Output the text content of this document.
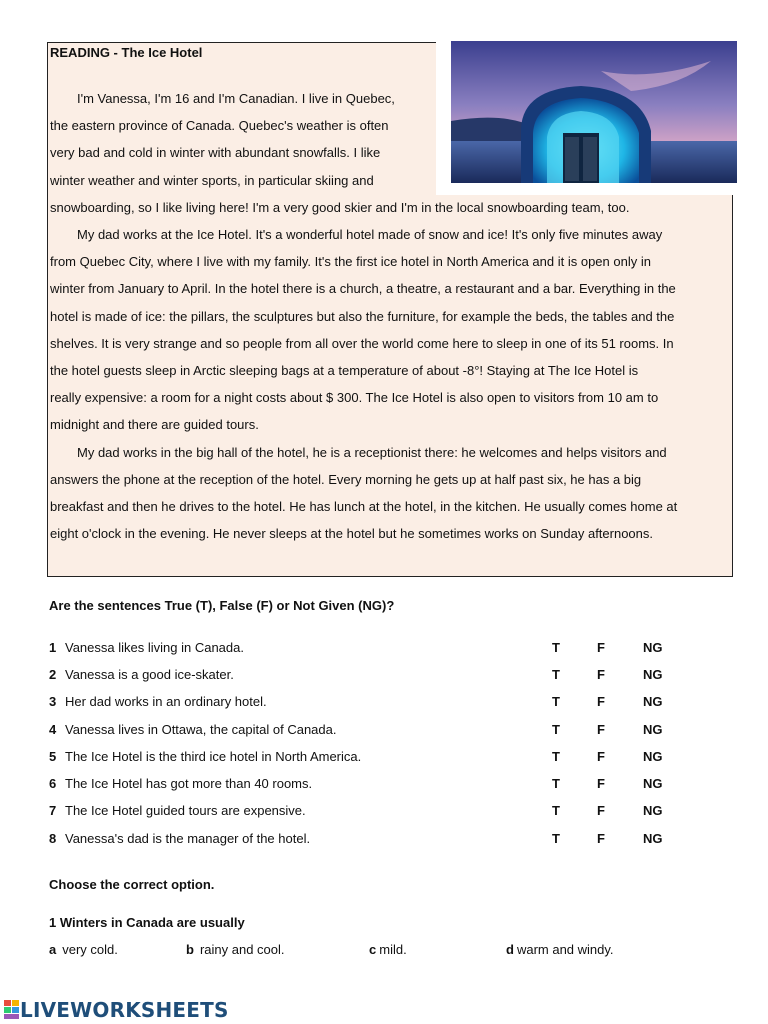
READING - The Ice Hotel
I'm Vanessa, I'm 16 and I'm Canadian. I live in Quebec,
the eastern province of Canada. Quebec's weather is often
very bad and cold in winter with abundant snowfalls. I like
winter weather and winter sports, in particular skiing and
snowboarding, so I like living here! I'm a very good skier and I'm in the local snowboarding team, too.
My dad works at the Ice Hotel. It's a wonderful hotel made of snow and ice! It's only five minutes away
from Quebec City, where I live with my family. It's the first ice hotel in North America and it is open only in
winter from January to April. In the hotel there is a church, a theatre, a restaurant and a bar. Everything in the
hotel is made of ice: the pillars, the sculptures but also the furniture, for example the beds, the tables and the
shelves. It is very strange and so people from all over the world come here to sleep in one of its 51 rooms. In
the hotel guests sleep in Arctic sleeping bags at a temperature of about -8°! Staying at The Ice Hotel is
really expensive: a room for a night costs about $ 300. The Ice Hotel is also open to visitors from 10 am to
midnight and there are guided tours.
My dad works in the big hall of the hotel, he is a receptionist there: he welcomes and helps visitors and
answers the phone at the reception of the hotel. Every morning he gets up at half past six, he has a big
breakfast and then he drives to the hotel. He has lunch at the hotel, in the kitchen. He usually comes home at
eight o'clock in the evening. He never sleeps at the hotel but he sometimes works on Sunday afternoons.
Are the sentences True (T), False (F) or Not Given (NG)?
1 Vanessa likes living in Canada.	T	F	NG
2 Vanessa is a good ice-skater.	T	F	NG
3 Her dad works in an ordinary hotel.	T	F	NG
4 Vanessa lives in Ottawa, the capital of Canada.	T	F	NG
5 The Ice Hotel is the third ice hotel in North America.	T	F	NG
6 The Ice Hotel has got more than 40 rooms.	T	F	NG
7 The Ice Hotel guided tours are expensive.	T	F	NG
8 Vanessa's dad is the manager of the hotel.	T	F	NG
Choose the correct option.
1 Winters in Canada are usually
a very cold.	b rainy and cool.	c mild.	d warm and windy.
LIVEWORKSHEETS
